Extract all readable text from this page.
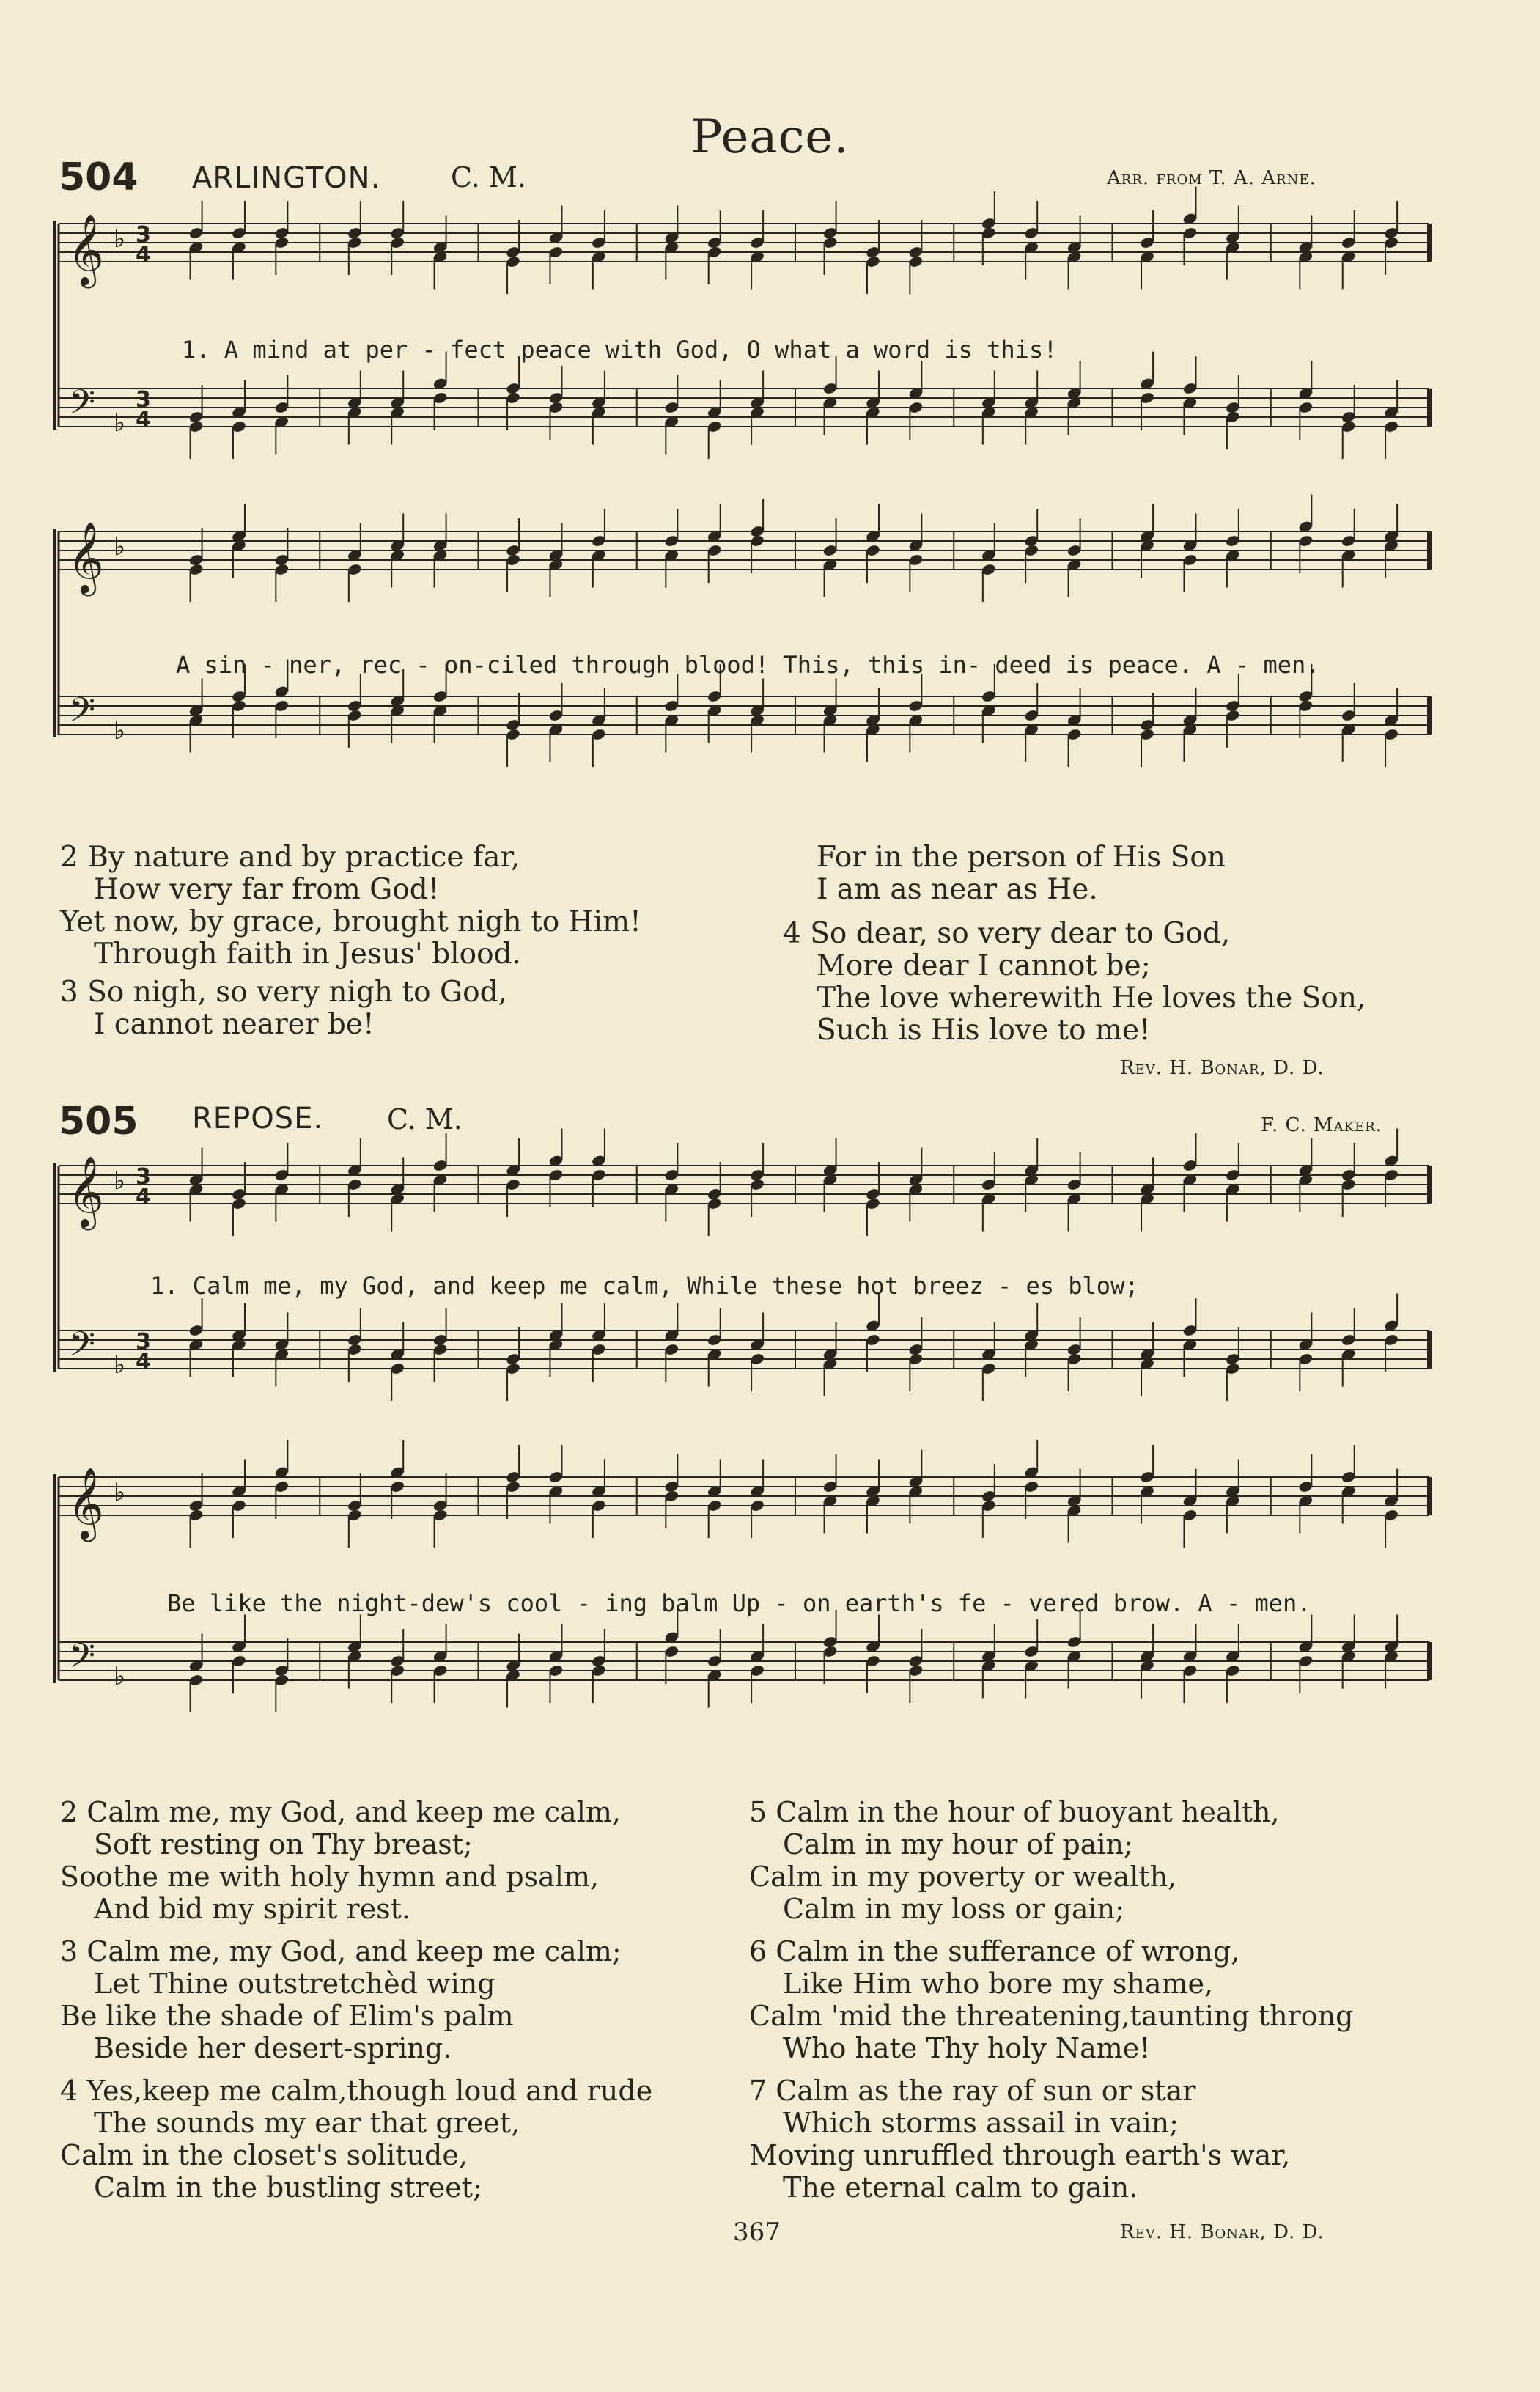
Peace.
504 ARLINGTON.	C. M.	Arr. from T. A. Arne.
𝄞
𝄢
♭
♭
3
4
3
4
1. A mind at per - fect peace with God, O what a word is this!
𝄞
𝄢
♭
♭
A sin - ner, rec - on-ciled through blood! This, this in- deed is peace. A - men.
2 By nature and by practice far,
How very far from God!
Yet now, by grace, brought nigh to Him!
Through faith in Jesus' blood.
3 So nigh, so very nigh to God,
I cannot nearer be!
For in the person of His Son
I am as near as He.
4 So dear, so very dear to God,
More dear I cannot be;
The love wherewith He loves the Son,
Such is His love to me!
Rev. H. Bonar, D. D.
505 REPOSE. C. M.	F. C. Maker.
𝄞
𝄢
♭
♭
3
4
3
4
1. Calm me, my God, and keep me calm, While these hot breez - es blow;
𝄞
𝄢
♭
♭
Be like the night-dew's cool - ing balm Up - on earth's fe - vered brow. A - men.
2 Calm me, my God, and keep me calm,
Soft resting on Thy breast;
Soothe me with holy hymn and psalm,
And bid my spirit rest.
3 Calm me, my God, and keep me calm;
Let Thine outstretchèd wing
Be like the shade of Elim's palm
Beside her desert-spring.
4 Yes,keep me calm,though loud and rude
The sounds my ear that greet,
Calm in the closet's solitude,
Calm in the bustling street;
5 Calm in the hour of buoyant health,
Calm in my hour of pain;
Calm in my poverty or wealth,
Calm in my loss or gain;
6 Calm in the sufferance of wrong,
Like Him who bore my shame,
Calm 'mid the threatening,taunting throng
Who hate Thy holy Name!
7 Calm as the ray of sun or star
Which storms assail in vain;
Moving unruffled through earth's war,
The eternal calm to gain.
367	Rev. H. Bonar, D. D.
